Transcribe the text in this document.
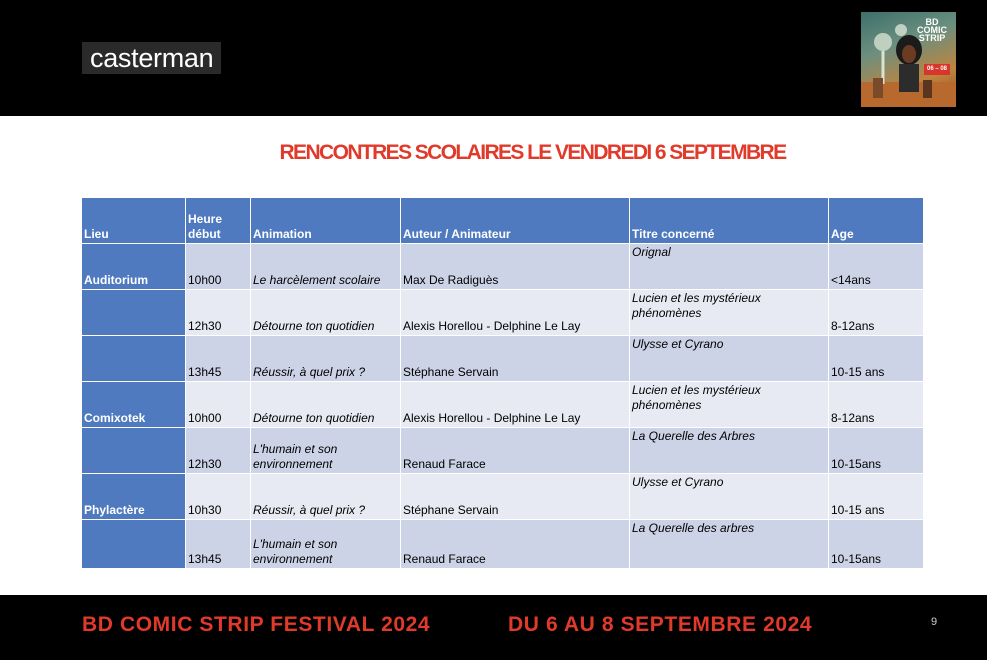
casterman
BD
COMIC
STRIP
06 – 08
RENCONTRES SCOLAIRES LE VENDREDI 6 SEPTEMBRE
Lieu	Heure début	Animation	Auteur / Animateur	Titre concerné	Age
Auditorium	10h00	Le harcèlement scolaire	Max De Radiguès	Orignal	<14ans
	12h30	Détourne ton quotidien	Alexis Horellou - Delphine Le Lay	Lucien et les mystérieux phénomènes	8-12ans
	13h45	Réussir, à quel prix ?	Stéphane Servain	Ulysse et Cyrano	10-15 ans
Comixotek	10h00	Détourne ton quotidien	Alexis Horellou - Delphine Le Lay	Lucien et les mystérieux phénomènes	8-12ans
	12h30	L'humain et son environnement	Renaud Farace	La Querelle des Arbres	10-15ans
Phylactère	10h30	Réussir, à quel prix ?	Stéphane Servain	Ulysse et Cyrano	10-15 ans
	13h45	L'humain et son environnement	Renaud Farace	La Querelle des arbres	10-15ans
BD COMIC STRIP FESTIVAL 2024	DU 6 AU 8 SEPTEMBRE 2024	9
